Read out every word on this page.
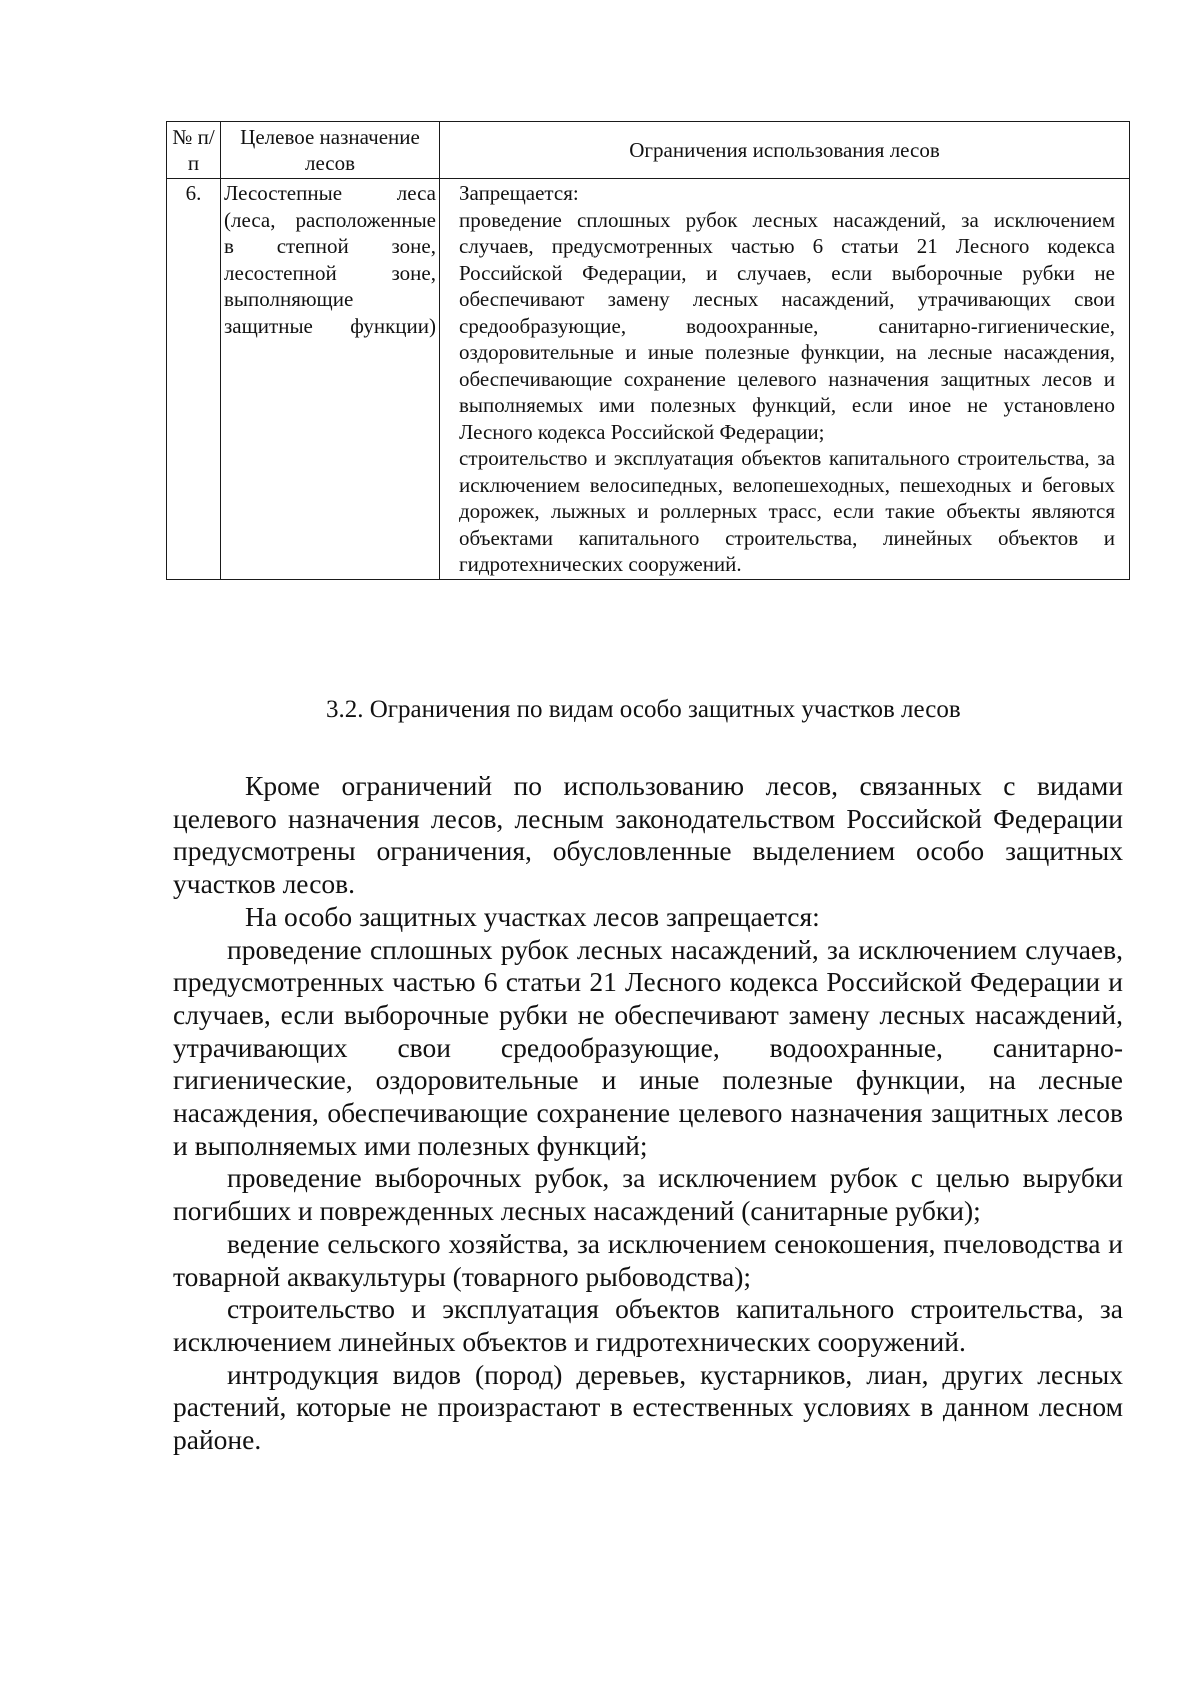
№ п/п	Целевое назначение лесов	Ограничения использования лесов
6.	Лесостепные леса (леса, расположенные в степной зоне, лесостепной зоне, выполняющие защитные функции)	Запрещается:
проведение сплошных рубок лесных насаждений, за исключением случаев, предусмотренных частью 6 статьи 21 Лесного кодекса Российской Федерации, и случаев, если выборочные рубки не обеспечивают замену лесных насаждений, утрачивающих свои средообразующие, водоохранные, санитарно-гигиенические, оздоровительные и иные полезные функции, на лесные насаждения, обеспечивающие сохранение целевого назначения защитных лесов и выполняемых ими полезных функций, если иное не установлено Лесного кодекса Российской Федерации;
строительство и эксплуатация объектов капитального строительства, за исключением велосипедных, велопешеходных, пешеходных и беговых дорожек, лыжных и роллерных трасс, если такие объекты являются объектами капитального строительства, линейных объектов и гидротехнических сооружений.
3.2. Ограничения по видам особо защитных участков лесов

Кроме ограничений по использованию лесов, связанных с видами целевого назначения лесов, лесным законодательством Российской Федерации предусмотрены ограничения, обусловленные выделением особо защитных участков лесов.

На особо защитных участках лесов запрещается:

проведение сплошных рубок лесных насаждений, за исключением случаев, предусмотренных частью 6 статьи 21 Лесного кодекса Российской Федерации и случаев, если выборочные рубки не обеспечивают замену лесных насаждений, утрачивающих свои средообразующие, водоохранные, санитарно-гигиенические, оздоровительные и иные полезные функции, на лесные насаждения, обеспечивающие сохранение целевого назначения защитных лесов и выполняемых ими полезных функций;

проведение выборочных рубок, за исключением рубок с целью вырубки погибших и поврежденных лесных насаждений (санитарные рубки);

ведение сельского хозяйства, за исключением сенокошения, пчеловодства и товарной аквакультуры (товарного рыбоводства);

строительство и эксплуатация объектов капитального строительства, за исключением линейных объектов и гидротехнических сооружений.

интродукция видов (пород) деревьев, кустарников, лиан, других лесных растений, которые не произрастают в естественных условиях в данном лесном районе.
